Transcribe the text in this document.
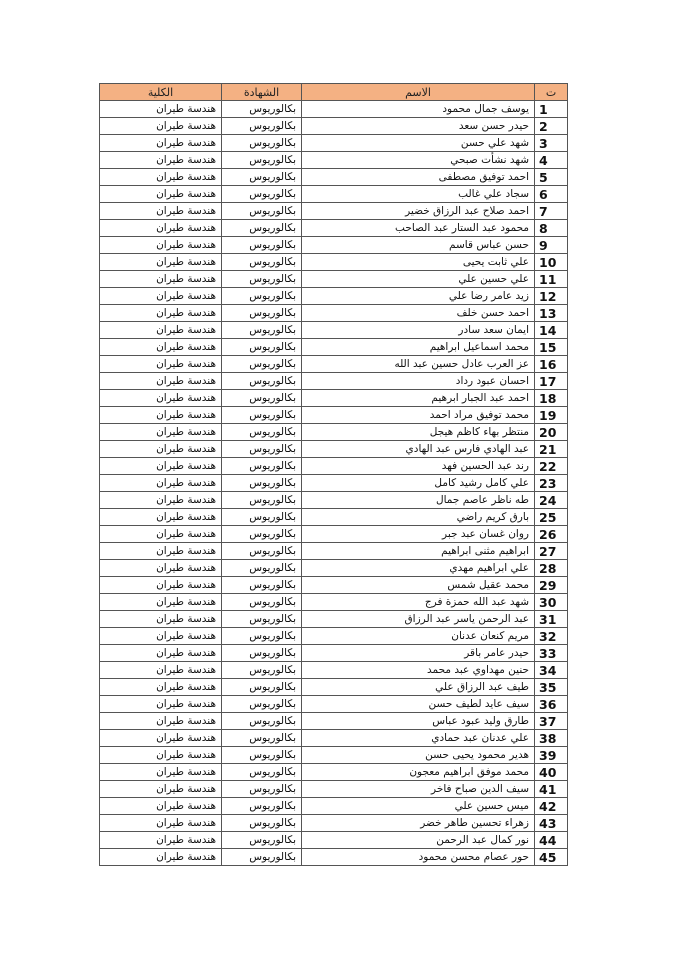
ت	الاسم	الشهادة	الكلية
1	يوسف جمال محمود	بكالوريوس	هندسة طيران
2	حيدر حسن سعد	بكالوريوس	هندسة طيران
3	شهد علي حسن	بكالوريوس	هندسة طيران
4	شهد نشأت صبحي	بكالوريوس	هندسة طيران
5	احمد توفيق مصطفى	بكالوريوس	هندسة طيران
6	سجاد علي غالب	بكالوريوس	هندسة طيران
7	احمد صلاح عبد الرزاق خضير	بكالوريوس	هندسة طيران
8	محمود عبد الستار عبد الصاحب	بكالوريوس	هندسة طيران
9	حسن عباس قاسم	بكالوريوس	هندسة طيران
10	علي ثابت يحيى	بكالوريوس	هندسة طيران
11	علي حسين علي	بكالوريوس	هندسة طيران
12	زيد عامر رضا علي	بكالوريوس	هندسة طيران
13	احمد حسن خلف	بكالوريوس	هندسة طيران
14	ايمان سعد سادر	بكالوريوس	هندسة طيران
15	محمد اسماعيل ابراهيم	بكالوريوس	هندسة طيران
16	عز العرب عادل حسين عبد الله	بكالوريوس	هندسة طيران
17	احسان عبود رداد	بكالوريوس	هندسة طيران
18	احمد عبد الجبار ابرهيم	بكالوريوس	هندسة طيران
19	محمد توفيق مراد احمد	بكالوريوس	هندسة طيران
20	منتظر بهاء كاظم هيجل	بكالوريوس	هندسة طيران
21	عبد الهادي فارس عبد الهادي	بكالوريوس	هندسة طيران
22	رند عبد الحسين فهد	بكالوريوس	هندسة طيران
23	علي كامل رشيد كامل	بكالوريوس	هندسة طيران
24	طه ناظر عاصم جمال	بكالوريوس	هندسة طيران
25	بارق كريم راضي	بكالوريوس	هندسة طيران
26	روان غسان عبد جبر	بكالوريوس	هندسة طيران
27	ابراهيم مثنى ابراهيم	بكالوريوس	هندسة طيران
28	علي ابراهيم مهدي	بكالوريوس	هندسة طيران
29	محمد عقيل شمس	بكالوريوس	هندسة طيران
30	شهد عبد الله حمزة فرج	بكالوريوس	هندسة طيران
31	عبد الرحمن ياسر عبد الرزاق	بكالوريوس	هندسة طيران
32	مريم كنعان عدنان	بكالوريوس	هندسة طيران
33	حيدر عامر باقر	بكالوريوس	هندسة طيران
34	حنين مهداوي عبد محمد	بكالوريوس	هندسة طيران
35	طيف عبد الرزاق علي	بكالوريوس	هندسة طيران
36	سيف عايد لطيف حسن	بكالوريوس	هندسة طيران
37	طارق وليد عبود عباس	بكالوريوس	هندسة طيران
38	علي عدنان عبد حمادي	بكالوريوس	هندسة طيران
39	هدير محمود يحيى حسن	بكالوريوس	هندسة طيران
40	محمد موفق ابراهيم معجون	بكالوريوس	هندسة طيران
41	سيف الدين صباح فاخر	بكالوريوس	هندسة طيران
42	ميس حسين علي	بكالوريوس	هندسة طيران
43	زهراء تحسين طاهر خضر	بكالوريوس	هندسة طيران
44	نور كمال عبد الرحمن	بكالوريوس	هندسة طيران
45	حور عصام محسن محمود	بكالوريوس	هندسة طيران
